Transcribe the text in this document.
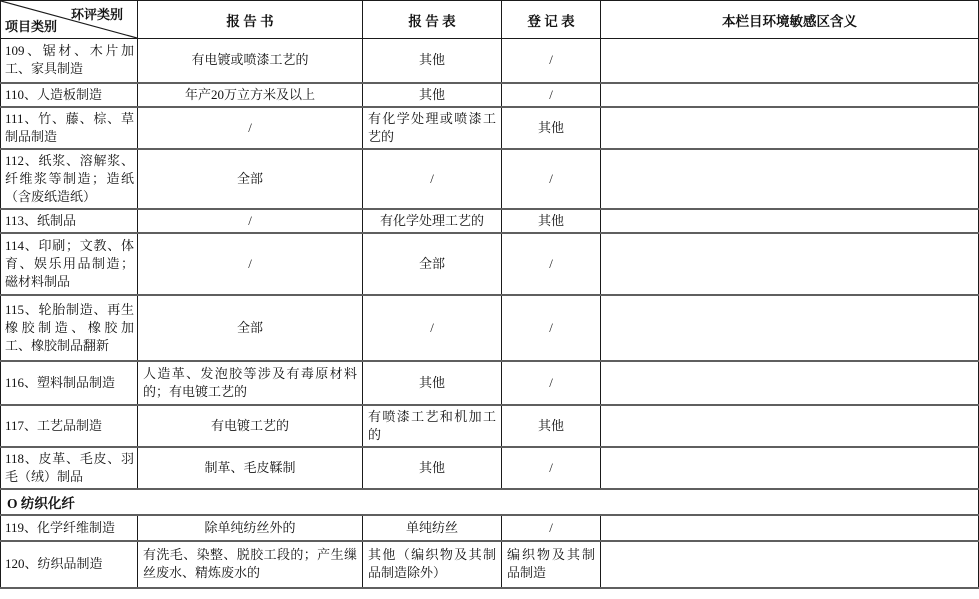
环评类别
项目类别	报 告 书	报 告 表	登 记 表	本栏目环境敏感区含义
109、锯材、木片加工、家具制造	有电镀或喷漆工艺的	其他	/	
110、人造板制造	年产20万立方米及以上	其他	/	
111、竹、藤、棕、草制品制造	/	有化学处理或喷漆工艺的	其他	
112、纸浆、溶解浆、纤维浆等制造；造纸（含废纸造纸）	全部	/	/	
113、纸制品	/	有化学处理工艺的	其他	
114、印刷；文教、体育、娱乐用品制造；磁材料制品	/	全部	/	
115、轮胎制造、再生橡胶制造、橡胶加工、橡胶制品翻新	全部	/	/	
116、塑料制品制造	人造革、发泡胶等涉及有毒原材料的；有电镀工艺的	其他	/	
117、工艺品制造	有电镀工艺的	有喷漆工艺和机加工的	其他	
118、皮革、毛皮、羽毛（绒）制品	制革、毛皮鞣制	其他	/	
O 纺织化纤				
119、化学纤维制造	除单纯纺丝外的	单纯纺丝	/	
120、纺织品制造	有洗毛、染整、脱胶工段的；产生缫丝废水、精炼废水的	其他（编织物及其制品制造除外）	编织物及其制品制造	
